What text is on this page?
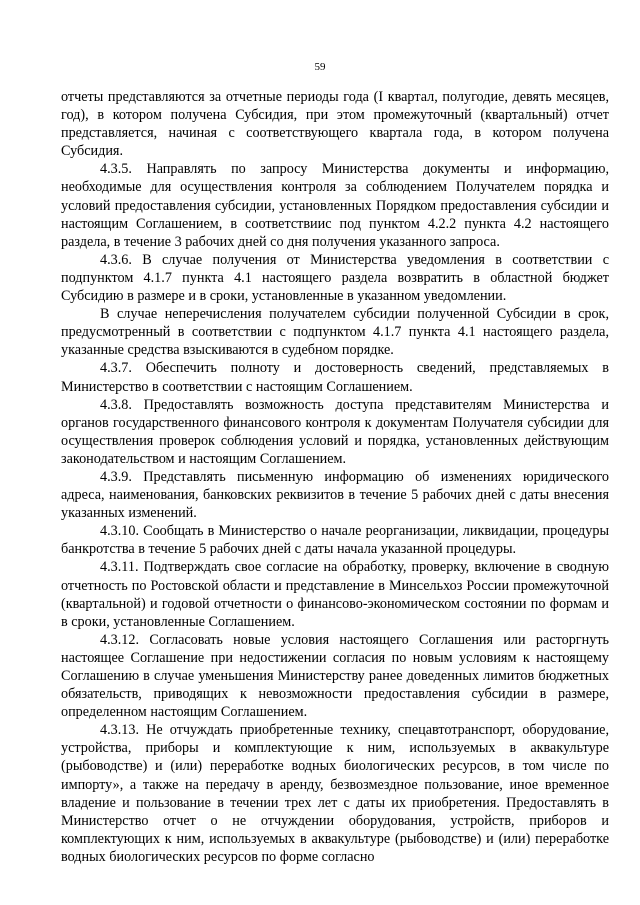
59

отчеты представляются за отчетные периоды года (I квартал, полугодие, девять месяцев, год), в котором получена Субсидия, при этом промежуточный (квартальный) отчет представляется, начиная с соответствующего квартала года, в котором получена Субсидия.

4.3.5. Направлять по запросу Министерства документы и информацию, необходимые для осуществления контроля за соблюдением Получателем порядка и условий предоставления субсидии, установленных Порядком предоставления субсидии и настоящим Соглашением, в соответствиис под пунктом 4.2.2 пункта 4.2 настоящего раздела, в течение 3 рабочих дней со дня получения указанного запроса.

4.3.6. В случае получения от Министерства уведомления в соответствии с подпунктом 4.1.7 пункта 4.1 настоящего раздела возвратить в областной бюджет Субсидию в размере и в сроки, установленные в указанном уведомлении.

В случае неперечисления получателем субсидии полученной Субсидии в срок, предусмотренный в соответствии с подпунктом 4.1.7 пункта 4.1 настоящего раздела, указанные средства взыскиваются в судебном порядке.

4.3.7. Обеспечить полноту и достоверность сведений, представляемых в Министерство в соответствии с настоящим Соглашением.

4.3.8. Предоставлять возможность доступа представителям Министерства и органов государственного финансового контроля к документам Получателя субсидии для осуществления проверок соблюдения условий и порядка, установленных действующим законодательством и настоящим Соглашением.

4.3.9. Представлять письменную информацию об изменениях юридического адреса, наименования, банковских реквизитов в течение 5 рабочих дней с даты внесения указанных изменений.

4.3.10. Сообщать в Министерство о начале реорганизации, ликвидации, процедуры банкротства в течение 5 рабочих дней с даты начала указанной процедуры.

4.3.11. Подтверждать свое согласие на обработку, проверку, включение в сводную отчетность по Ростовской области и представление в Минсельхоз России промежуточной (квартальной) и годовой отчетности о финансово-экономическом состоянии по формам и в сроки, установленные Соглашением.

4.3.12. Согласовать новые условия настоящего Соглашения или расторгнуть настоящее Соглашение при недостижении согласия по новым условиям к настоящему Соглашению в случае уменьшения Министерству ранее доведенных лимитов бюджетных обязательств, приводящих к невозможности предоставления субсидии в размере, определенном настоящим Соглашением.

4.3.13. Не отчуждать приобретенные технику, спецавтотранспорт, оборудование, устройства, приборы и комплектующие к ним, используемых в аквакультуре (рыбоводстве) и (или) переработке водных биологических ресурсов, в том числе по импорту», а также на передачу в аренду, безвозмездное пользование, иное временное владение и пользование в течении трех лет с даты их приобретения. Предоставлять в Министерство отчет о не отчуждении оборудования, устройств, приборов и комплектующих к ним, используемых в аквакультуре (рыбоводстве) и (или) переработке водных биологических ресурсов по форме согласно
